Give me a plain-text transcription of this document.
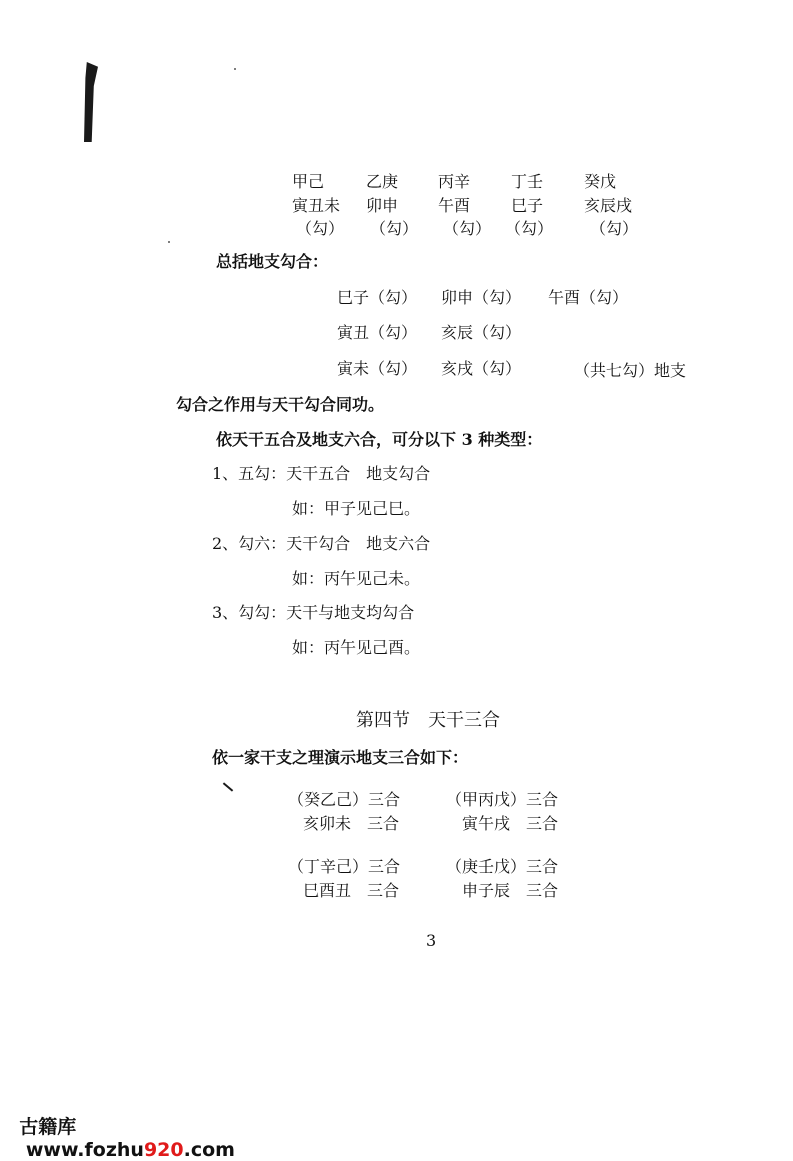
甲己
寅丑未
（勾）
乙庚
卯申
（勾）
丙辛
午酉
（勾）
丁壬
巳子
（勾）
癸戊
亥辰戌
（勾）
总括地支勾合：
巳子（勾） 卯申（勾） 午酉（勾）
寅丑（勾） 亥辰（勾）
寅未（勾） 亥戌（勾）	（共七勾）地支
勾合之作用与天干勾合同功。
依天干五合及地支六合，可分以下 3 种类型：
1、五勾：天干五合　地支勾合
如：甲子见己巳。
2、勾六：天干勾合　地支六合
如：丙午见己未。
3、勾勾：天干与地支均勾合
如：丙午见己酉。
第四节　天干三合
依一家干支之理演示地支三合如下：
（癸乙己）三合
亥卯未　三合
（甲丙戊）三合
寅午戌　三合
（丁辛己）三合
巳酉丑　三合
（庚壬戊）三合
申子辰　三合
3

古籍库
www.fozhu920.com
